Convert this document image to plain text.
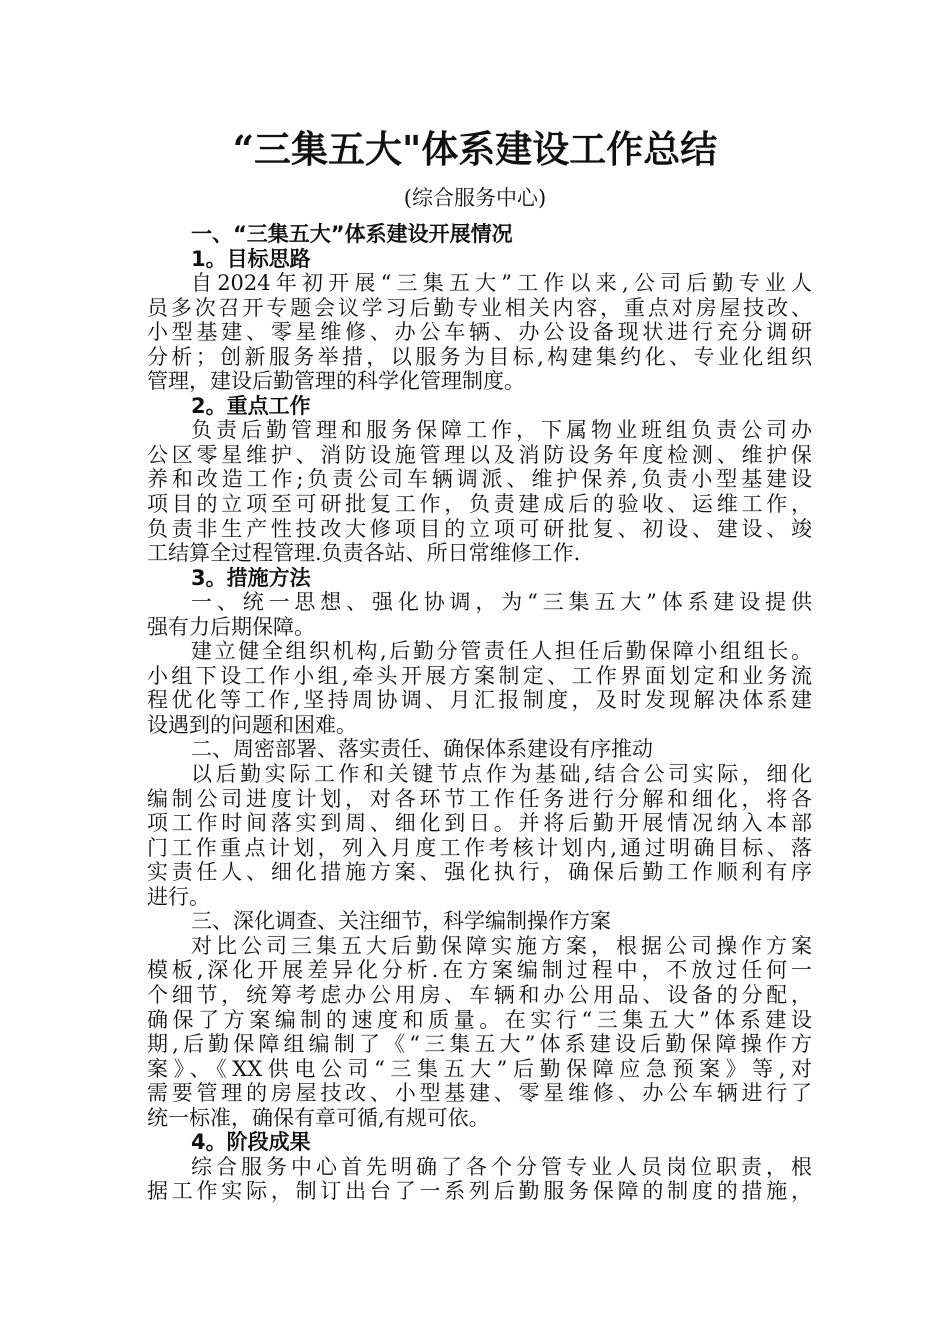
“三集五大"体系建设工作总结
(综合服务中心)
一、“三集五大”体系建设开展情况
1。目标思路
自2024年初开展“三集五大”工作以来,公司后勤专业人
员多次召开专题会议学习后勤专业相关内容，重点对房屋技改、
小型基建、零星维修、办公车辆、办公设备现状进行充分调研
分析；创新服务举措，以服务为目标,构建集约化、专业化组织
管理，建设后勤管理的科学化管理制度。
2。重点工作
负责后勤管理和服务保障工作，下属物业班组负责公司办
公区零星维护、消防设施管理以及消防设务年度检测、维护保
养和改造工作;负责公司车辆调派、维护保养,负责小型基建设
项目的立项至可研批复工作，负责建成后的验收、运维工作，
负责非生产性技改大修项目的立项可研批复、初设、建设、竣
工结算全过程管理.负责各站、所日常维修工作.
3。措施方法
一、统一思想、强化协调，为“三集五大”体系建设提供
强有力后期保障。
建立健全组织机构,后勤分管责任人担任后勤保障小组组长。
小组下设工作小组,牵头开展方案制定、工作界面划定和业务流
程优化等工作,坚持周协调、月汇报制度，及时发现解决体系建
设遇到的问题和困难。
二、周密部署、落实责任、确保体系建设有序推动
以后勤实际工作和关键节点作为基础,结合公司实际，细化
编制公司进度计划，对各环节工作任务进行分解和细化，将各
项工作时间落实到周、细化到日。并将后勤开展情况纳入本部
门工作重点计划，列入月度工作考核计划内,通过明确目标、落
实责任人、细化措施方案、强化执行，确保后勤工作顺利有序
进行。
三、深化调查、关注细节，科学编制操作方案
对比公司三集五大后勤保障实施方案，根据公司操作方案
模板,深化开展差异化分析.在方案编制过程中，不放过任何一
个细节，统筹考虑办公用房、车辆和办公用品、设备的分配，
确保了方案编制的速度和质量。在实行“三集五大”体系建设
期,后勤保障组编制了《“三集五大”体系建设后勤保障操作方
案》、《XX供电公司“三集五大”后勤保障应急预案》等,对
需要管理的房屋技改、小型基建、零星维修、办公车辆进行了
统一标准，确保有章可循,有规可依。
4。阶段成果
综合服务中心首先明确了各个分管专业人员岗位职责，根
据工作实际，制订出台了一系列后勤服务保障的制度的措施，
